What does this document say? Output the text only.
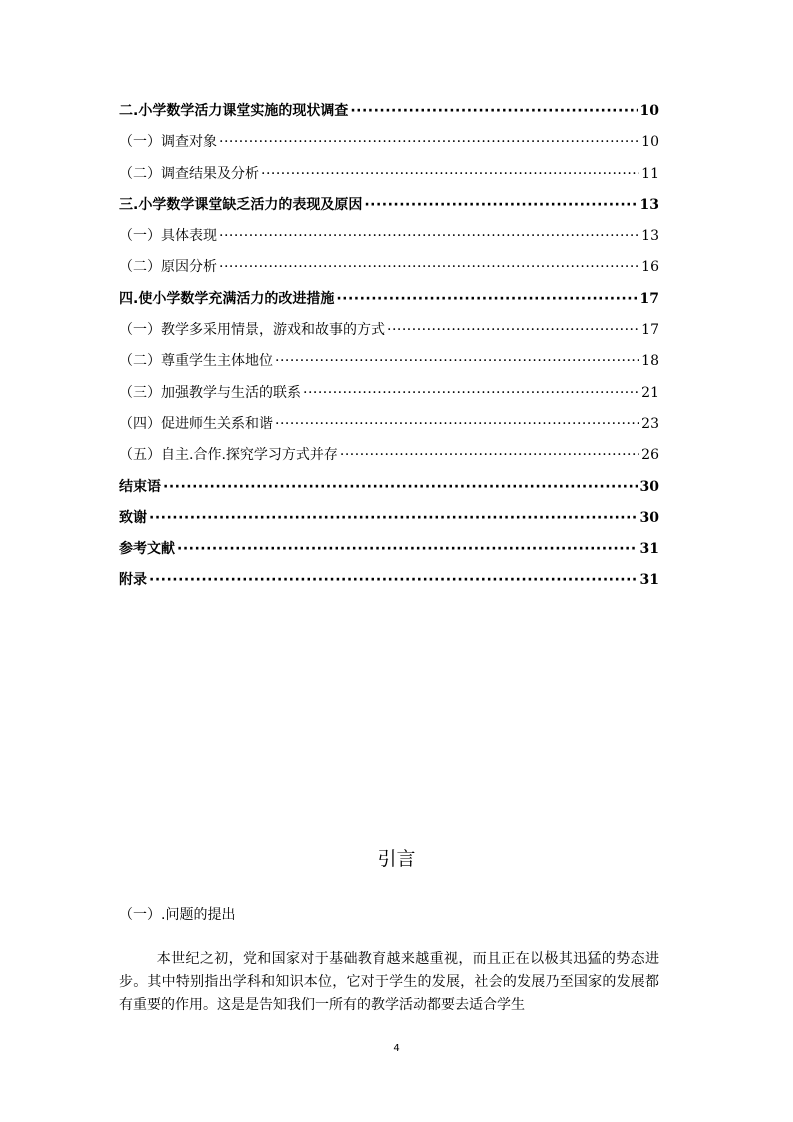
二.小学数学活力课堂实施的现状调查 ·····	10
（一）调查对象 ·····	10
（二）调查结果及分析 ·····	11
三.小学数学课堂缺乏活力的表现及原因 ·····	13
（一）具体表现 ·····	13
（二）原因分析 ·····	16
四.使小学数学充满活力的改进措施 ·····	17
（一）教学多采用情景，游戏和故事的方式 ·····	17
（二）尊重学生主体地位 ·····	18
（三）加强教学与生活的联系 ·····	21
（四）促进师生关系和谐 ·····	23
（五）自主.合作.探究学习方式并存 ·····	26
结束语 ·····	30
致谢 ·····	30
参考文献 ·····	31
附录 ·····	31
引言
（一）.问题的提出

本世纪之初，党和国家对于基础教育越来越重视，而且正在以极其迅猛的势态进步。其中特别指出学科和知识本位，它对于学生的发展，社会的发展乃至国家的发展都有重要的作用。这是是告知我们一所有的教学活动都要去适合学生

4
